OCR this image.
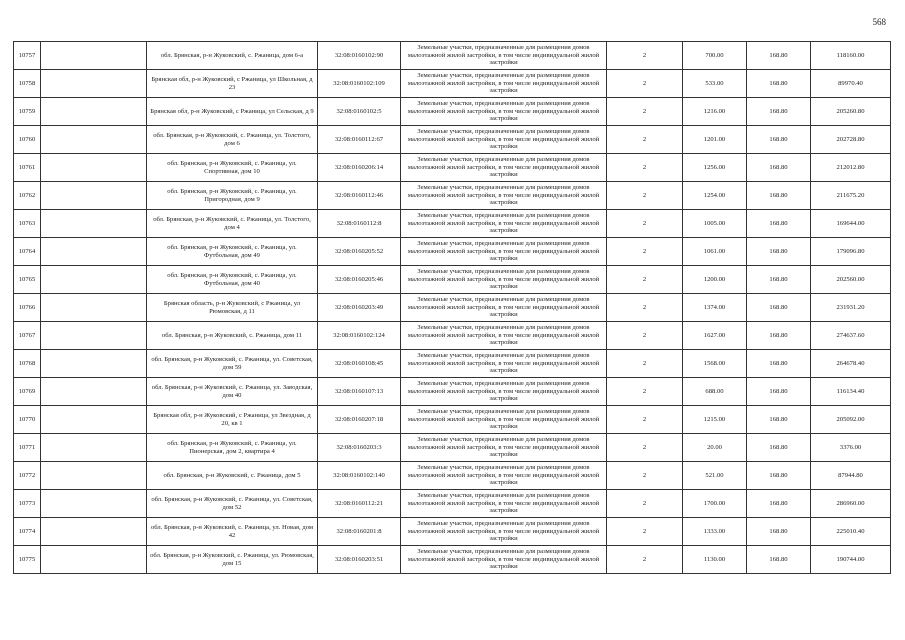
568
10757		обл. Брянская, р-н Жуковский, с. Ржаница, дом 6-а	32:08:0160102:90	Земельные участки, предназначенные для размещения домов малоэтажной жилой застройки, в том числе индивидуальной жилой застройки	2	700.00	168.80	118160.00
10758		Брянская обл, р-н Жуковский, с Ржаница, ул Школьная, д 23	32:08:0160102:109	Земельные участки, предназначенные для размещения домов малоэтажной жилой застройки, в том числе индивидуальной жилой застройки	2	533.00	168.80	89970.40
10759		Брянская обл, р-н Жуковский, с Ржаница, ул Сельская, д 9	32:08:0160102:5	Земельные участки, предназначенные для размещения домов малоэтажной жилой застройки, в том числе индивидуальной жилой застройки	2	1216.00	168.80	205260.80
10760		обл. Брянская, р-н Жуковский, с. Ржаница, ул. Толстого, дом 6	32:08:0160112:67	Земельные участки, предназначенные для размещения домов малоэтажной жилой застройки, в том числе индивидуальной жилой застройки	2	1201.00	168.80	202728.80
10761		обл. Брянская, р-н Жуковский, с. Ржаница, ул. Спортивная, дом 10	32:08:0160206:14	Земельные участки, предназначенные для размещения домов малоэтажной жилой застройки, в том числе индивидуальной жилой застройки	2	1256.00	168.80	212012.80
10762		обл. Брянская, р-н Жуковский, с. Ржаница, ул. Пригородная, дом 9	32:08:0160112:46	Земельные участки, предназначенные для размещения домов малоэтажной жилой застройки, в том числе индивидуальной жилой застройки	2	1254.00	168.80	211675.20
10763		обл. Брянская, р-н Жуковский, с. Ржаница, ул. Толстого, дом 4	32:08:0160112:8	Земельные участки, предназначенные для размещения домов малоэтажной жилой застройки, в том числе индивидуальной жилой застройки	2	1005.00	168.80	169644.00
10764		обл. Брянская, р-н Жуковский, с. Ржаница, ул. Футбольная, дом 49	32:08:0160205:52	Земельные участки, предназначенные для размещения домов малоэтажной жилой застройки, в том числе индивидуальной жилой застройки	2	1061.00	168.80	179096.80
10765		обл. Брянская, р-н Жуковский, с. Ржаница, ул. Футбольная, дом 40	32:08:0160205:46	Земельные участки, предназначенные для размещения домов малоэтажной жилой застройки, в том числе индивидуальной жилой застройки	2	1200.00	168.80	202560.00
10766		Брянская область, р-н Жуковский, с Ржаница, ул Рюмовская, д 11	32:08:0160203:49	Земельные участки, предназначенные для размещения домов малоэтажной жилой застройки, в том числе индивидуальной жилой застройки	2	1374.00	168.80	231931.20
10767		обл. Брянская, р-н Жуковский, с. Ржаница, дом 11	32:08:0160102:124	Земельные участки, предназначенные для размещения домов малоэтажной жилой застройки, в том числе индивидуальной жилой застройки	2	1627.00	168.80	274637.60
10768		обл. Брянская, р-н Жуковский, с. Ржаница, ул. Советская, дом 59	32:08:0160108:45	Земельные участки, предназначенные для размещения домов малоэтажной жилой застройки, в том числе индивидуальной жилой застройки	2	1568.00	168.80	264678.40
10769		обл. Брянская, р-н Жуковский, с. Ржаница, ул. Заводская, дом 40	32:08:0160107:13	Земельные участки, предназначенные для размещения домов малоэтажной жилой застройки, в том числе индивидуальной жилой застройки	2	688.00	168.80	116134.40
10770		Брянская обл, р-н Жуковский, с Ржаница, ул Звездная, д 20, кв 1	32:08:0160207:18	Земельные участки, предназначенные для размещения домов малоэтажной жилой застройки, в том числе индивидуальной жилой застройки	2	1215.00	168.80	205092.00
10771		обл. Брянская, р-н Жуковский, с. Ржаница, ул. Пионерская, дом 2, квартира 4	32:08:0160203:3	Земельные участки, предназначенные для размещения домов малоэтажной жилой застройки, в том числе индивидуальной жилой застройки	2	20.00	168.80	3376.00
10772		обл. Брянская, р-н Жуковский, с. Ржаница, дом 5	32:08:0160102:140	Земельные участки, предназначенные для размещения домов малоэтажной жилой застройки, в том числе индивидуальной жилой застройки	2	521.00	168.80	87944.80
10773		обл. Брянская, р-н Жуковский, с. Ржаница, ул. Советская, дом 52	32:08:0160112:21	Земельные участки, предназначенные для размещения домов малоэтажной жилой застройки, в том числе индивидуальной жилой застройки	2	1700.00	168.80	286960.00
10774		обл. Брянская, р-н Жуковский, с. Ржаница, ул. Новая, дом 42	32:08:0160201:8	Земельные участки, предназначенные для размещения домов малоэтажной жилой застройки, в том числе индивидуальной жилой застройки	2	1333.00	168.80	225010.40
10775		обл. Брянская, р-н Жуковский, с. Ржаница, ул. Рюмовская, дом 15	32:08:0160203:51	Земельные участки, предназначенные для размещения домов малоэтажной жилой застройки, в том числе индивидуальной жилой застройки	2	1130.00	168.80	190744.00
